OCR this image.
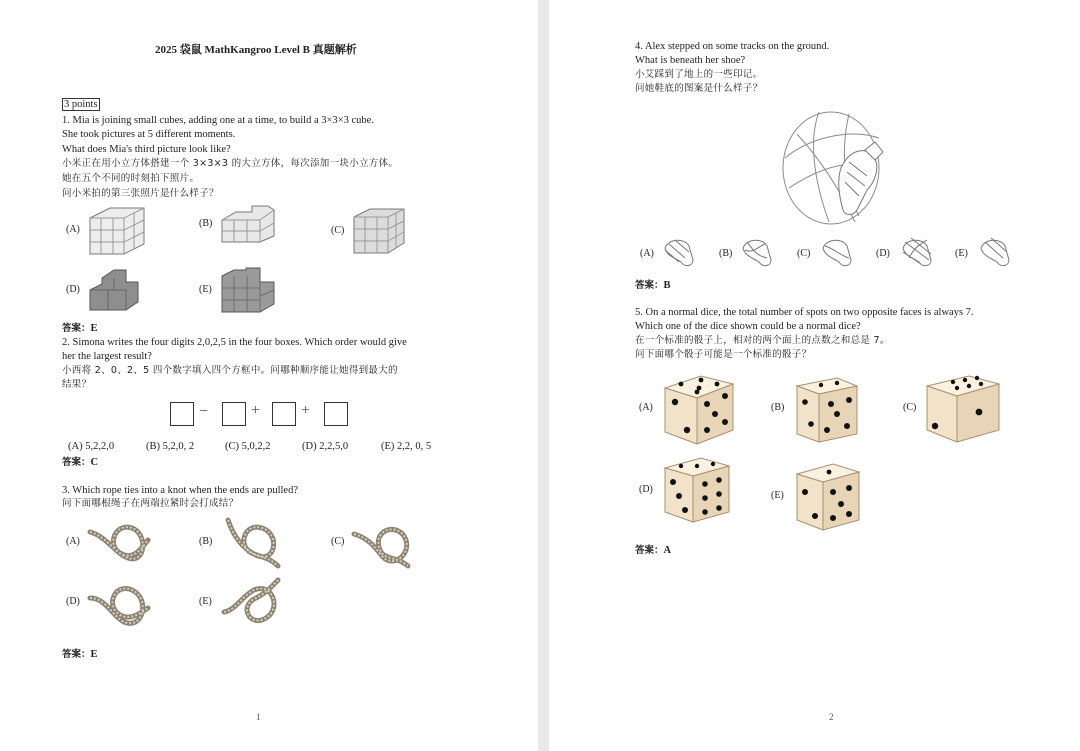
2025 袋鼠 MathKangroo Level B 真题解析
3 points
1. Mia is joining small cubes, adding one at a time, to build a 3×3×3 cube.
She took pictures at 5 different moments.
What does Mia's third picture look like?
小米正在用小立方体搭建一个 3×3×3 的大立方体，每次添加一块小立方体。
她在五个不同的时刻拍下照片。
问小米拍的第三张照片是什么样子？
(A)
(B)
(C)
(D)	(E)
答案：E
2. Simona writes the four digits 2,0,2,5 in the four boxes. Which order would give
her the largest result?
小西将 2、0、2、5 四个数字填入四个方框中。问哪种顺序能让她得到最大的
结果？
−	+	+
(A) 5,2,2,0	(B) 5,2,0, 2	(C) 5,0,2,2	(D) 2,2,5,0	(E) 2,2, 0, 5
答案：C
3. Which rope ties into a knot when the ends are pulled?
问下面哪根绳子在两端拉紧时会打成结？
(A)	(B)	(C)
(D)	(E)
答案：E
1
4. Alex stepped on some tracks on the ground.
What is beneath her shoe?
小艾踩到了地上的一些印记。
问她鞋底的图案是什么样子？
(A)	(B)	(C)	(D)	(E)
答案：B
5. On a normal dice, the total number of spots on two opposite faces is always 7.
Which one of the dice shown could be a normal dice?
在一个标准的骰子上，相对的两个面上的点数之和总是 7。
问下面哪个骰子可能是一个标准的骰子？
(A)	(B)	(C)
(D)
(E)
答案：A
2
